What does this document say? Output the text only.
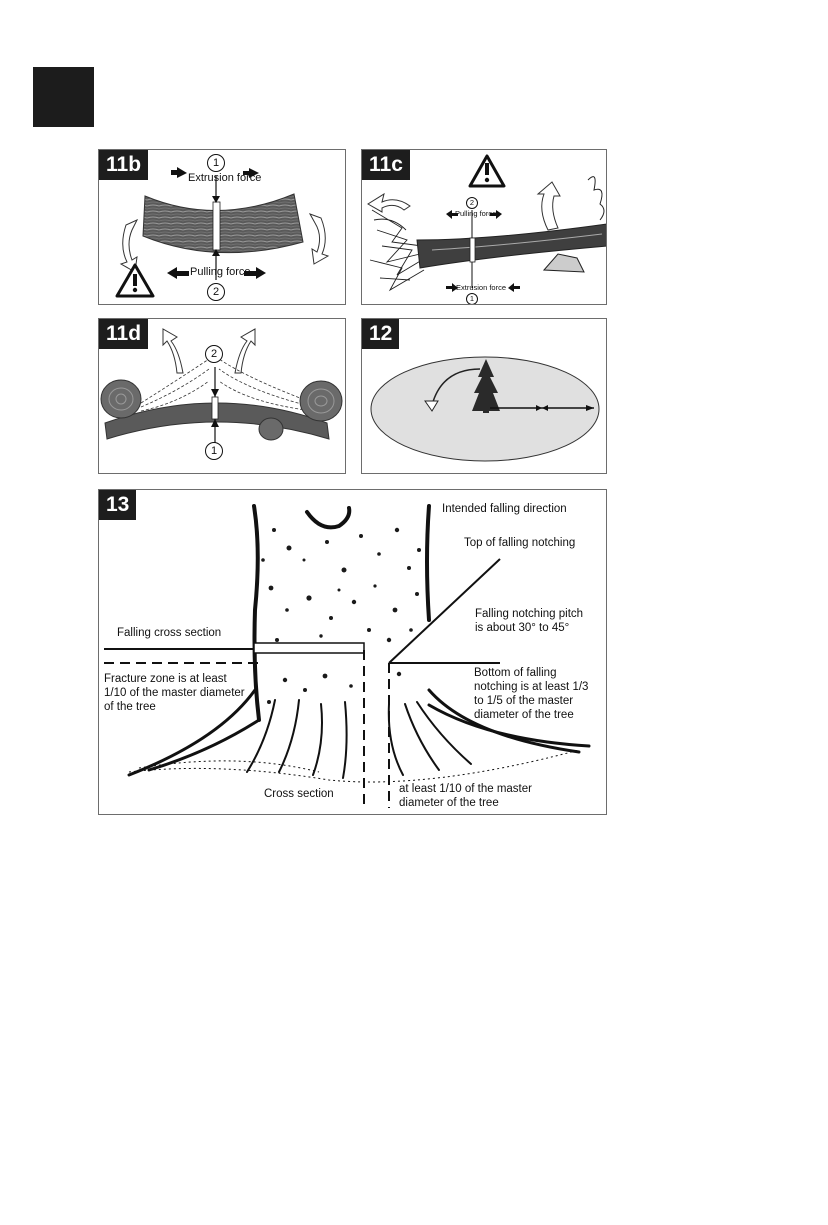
11b	1
Extrusion force
Pulling force
2
11c
2
Pulling force
Extrusion force
1
11d
2
1
12
13	Intended falling direction
Top of falling notching
Falling notching pitch
is about 30° to 45°
Falling cross section
Fracture zone is at least
1/10 of the master diameter
of the tree
Bottom of falling
notching is at least 1/3
to 1/5 of the master
diameter of the tree
Cross section	at least 1/10 of the master
diameter of the tree
